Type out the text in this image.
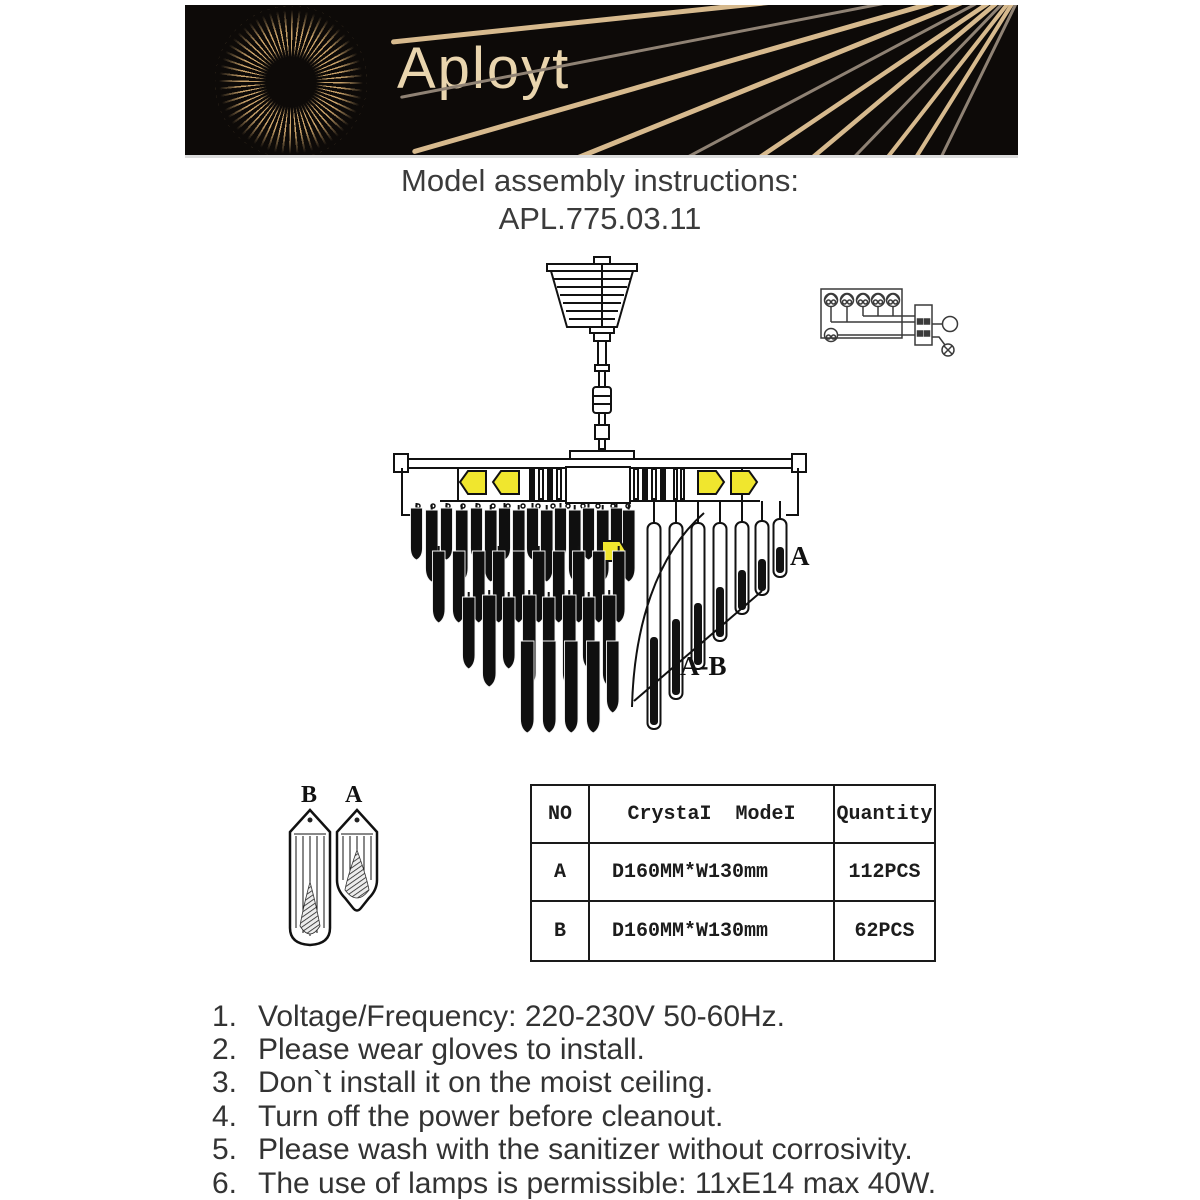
Aployt
Model assembly instructions:
APL.775.03.11
A-B
A
B A
NO	CrystaI  ModeI	Quantity
A	D160MM*W130mm	112PCS
B	D160MM*W130mm	62PCS
1. Voltage/Frequency: 220-230V 50-60Hz.
2. Please wear gloves to install.
3. Don`t install it on the moist ceiling.
4. Turn off the power before cleanout.
5. Please wash with the sanitizer without corrosivity.
6. The use of lamps is permissible: 11xE14 max 40W.
